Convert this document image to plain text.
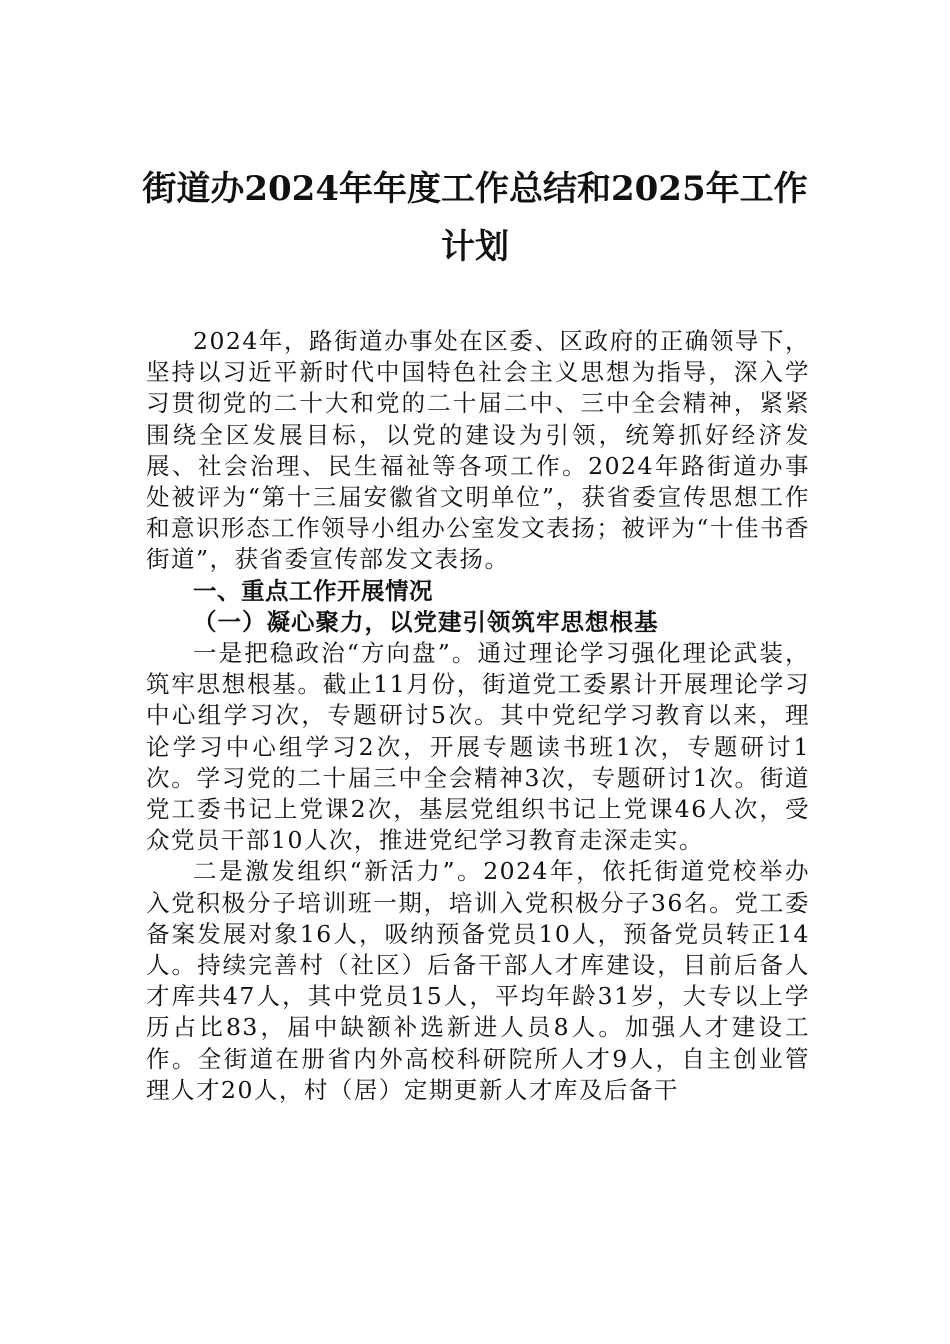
街道办2024年年度工作总结和2025年工作
计划

2024年，路街道办事处在区委、区政府的正确领导下，坚持以习近平新时代中国特色社会主义思想为指导，深入学习贯彻党的二十大和党的二十届二中、三中全会精神，紧紧围绕全区发展目标，以党的建设为引领，统筹抓好经济发展、社会治理、民生福祉等各项工作。2024年路街道办事处被评为“第十三届安徽省文明单位”，获省委宣传思想工作和意识形态工作领导小组办公室发文表扬；被评为“十佳书香街道”，获省委宣传部发文表扬。

一、重点工作开展情况

（一）凝心聚力，以党建引领筑牢思想根基

一是把稳政治“方向盘”。通过理论学习强化理论武装，筑牢思想根基。截止11月份，街道党工委累计开展理论学习中心组学习次，专题研讨5次。其中党纪学习教育以来，理论学习中心组学习2次，开展专题读书班1次，专题研讨1次。学习党的二十届三中全会精神3次，专题研讨1次。街道党工委书记上党课2次，基层党组织书记上党课46人次，受众党员干部10人次，推进党纪学习教育走深走实。

二是激发组织“新活力”。2024年，依托街道党校举办入党积极分子培训班一期，培训入党积极分子36名。党工委备案发展对象16人，吸纳预备党员10人，预备党员转正14人。持续完善村（社区）后备干部人才库建设，目前后备人才库共47人，其中党员15人，平均年龄31岁，大专以上学历占比83，届中缺额补选新进人员8人。加强人才建设工作。全街道在册省内外高校科研院所人才9人，自主创业管理人才20人，村（居）定期更新人才库及后备干
